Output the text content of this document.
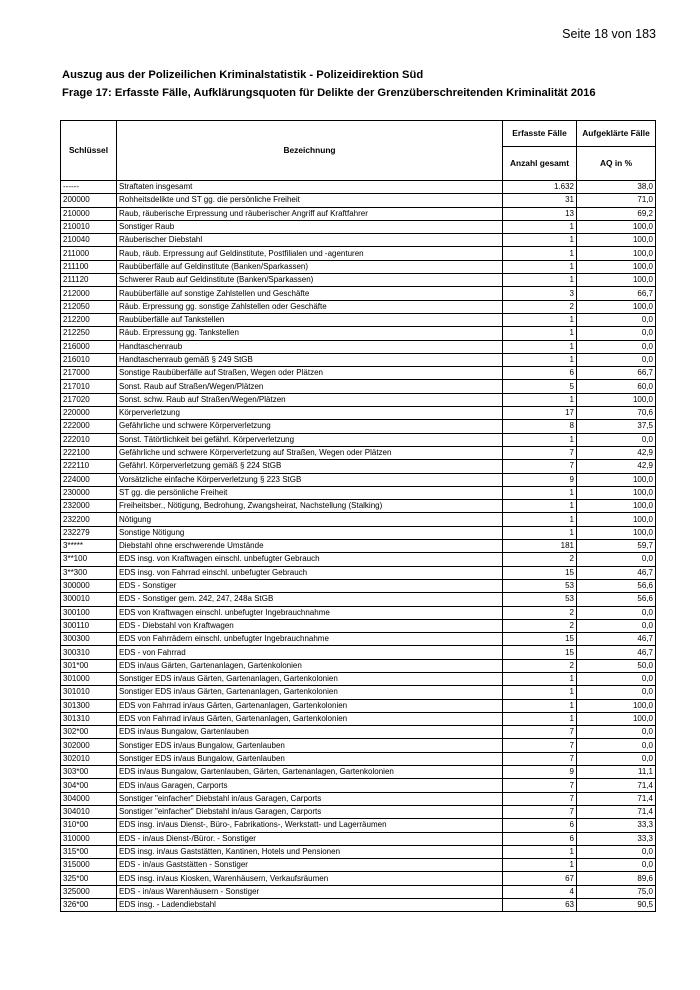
Seite 18 von 183
Auszug aus der Polizeilichen Kriminalstatistik - Polizeidirektion Süd
Frage 17: Erfasste Fälle, Aufklärungsquoten für Delikte der Grenzüberschreitenden Kriminalität 2016
Schlüssel	Bezeichnung	Erfasste Fälle	Aufgeklärte Fälle
		Anzahl gesamt	AQ in %
------	Straftaten insgesamt	1.632	38,0
200000	Rohheitsdelikte und ST gg. die persönliche Freiheit	31	71,0
210000	Raub, räuberische Erpressung und räuberischer Angriff auf Kraftfahrer	13	69,2
210010	Sonstiger Raub	1	100,0
210040	Räuberischer Diebstahl	1	100,0
211000	Raub, räub. Erpressung auf Geldinstitute, Postfilialen und -agenturen	1	100,0
211100	Raubüberfälle auf Geldinstitute (Banken/Sparkassen)	1	100,0
211120	Schwerer Raub auf Geldinstitute (Banken/Sparkassen)	1	100,0
212000	Raubüberfälle auf sonstige Zahlstellen und Geschäfte	3	66,7
212050	Räub. Erpressung gg. sonstige Zahlstellen oder Geschäfte	2	100,0
212200	Raubüberfälle auf Tankstellen	1	0,0
212250	Räub. Erpressung gg. Tankstellen	1	0,0
216000	Handtaschenraub	1	0,0
216010	Handtaschenraub gemäß § 249 StGB	1	0,0
217000	Sonstige Raubüberfälle auf Straßen, Wegen oder Plätzen	6	66,7
217010	Sonst. Raub auf Straßen/Wegen/Plätzen	5	60,0
217020	Sonst. schw. Raub auf Straßen/Wegen/Plätzen	1	100,0
220000	Körperverletzung	17	70,6
222000	Gefährliche und schwere Körperverletzung	8	37,5
222010	Sonst. Tätörtlichkeit bei gefährl. Körperverletzung	1	0,0
222100	Gefährliche und schwere Körperverletzung auf Straßen, Wegen oder Plätzen	7	42,9
222110	Gefährl. Körperverletzung gemäß § 224 StGB	7	42,9
224000	Vorsätzliche einfache Körperverletzung § 223 StGB	9	100,0
230000	ST gg. die persönliche Freiheit	1	100,0
232000	Freiheitsber., Nötigung, Bedrohung, Zwangsheirat, Nachstellung (Stalking)	1	100,0
232200	Nötigung	1	100,0
232279	Sonstige Nötigung	1	100,0
3*****	Diebstahl ohne erschwerende Umstände	181	59,7
3**100	EDS insg. von Kraftwagen einschl. unbefugter Gebrauch	2	0,0
3**300	EDS insg. von Fahrrad einschl. unbefugter Gebrauch	15	46,7
300000	EDS - Sonstiger	53	56,6
300010	EDS - Sonstiger gem. 242, 247, 248a StGB	53	56,6
300100	EDS von Kraftwagen einschl. unbefugter Ingebrauchnahme	2	0,0
300110	EDS - Diebstahl von Kraftwagen	2	0,0
300300	EDS von Fahrrädern einschl. unbefugter Ingebrauchnahme	15	46,7
300310	EDS - von Fahrrad	15	46,7
301*00	EDS in/aus Gärten, Gartenanlagen, Gartenkolonien	2	50,0
301000	Sonstiger EDS in/aus Gärten, Gartenanlagen, Gartenkolonien	1	0,0
301010	Sonstiger EDS in/aus Gärten, Gartenanlagen, Gartenkolonien	1	0,0
301300	EDS von Fahrrad in/aus Gärten, Gartenanlagen, Gartenkolonien	1	100,0
301310	EDS von Fahrrad in/aus Gärten, Gartenanlagen, Gartenkolonien	1	100,0
302*00	EDS in/aus Bungalow, Gartenlauben	7	0,0
302000	Sonstiger EDS in/aus Bungalow, Gartenlauben	7	0,0
302010	Sonstiger EDS in/aus Bungalow, Gartenlauben	7	0,0
303*00	EDS in/aus Bungalow, Gartenlauben, Gärten, Gartenanlagen, Gartenkolonien	9	11,1
304*00	EDS in/aus Garagen, Carports	7	71,4
304000	Sonstiger "einfacher" Diebstahl in/aus Garagen, Carports	7	71,4
304010	Sonstiger "einfacher" Diebstahl in/aus Garagen, Carports	7	71,4
310*00	EDS insg. in/aus Dienst-, Büro-, Fabrikations-, Werkstatt- und Lagerräumen	6	33,3
310000	EDS - in/aus Dienst-/Büror. - Sonstiger	6	33,3
315*00	EDS insg. in/aus Gaststätten, Kantinen, Hotels und Pensionen	1	0,0
315000	EDS - in/aus Gaststätten - Sonstiger	1	0,0
325*00	EDS insg. in/aus Kiosken, Warenhäusern, Verkaufsräumen	67	89,6
325000	EDS - in/aus Warenhäusern - Sonstiger	4	75,0
326*00	EDS insg. - Ladendiebstahl	63	90,5
